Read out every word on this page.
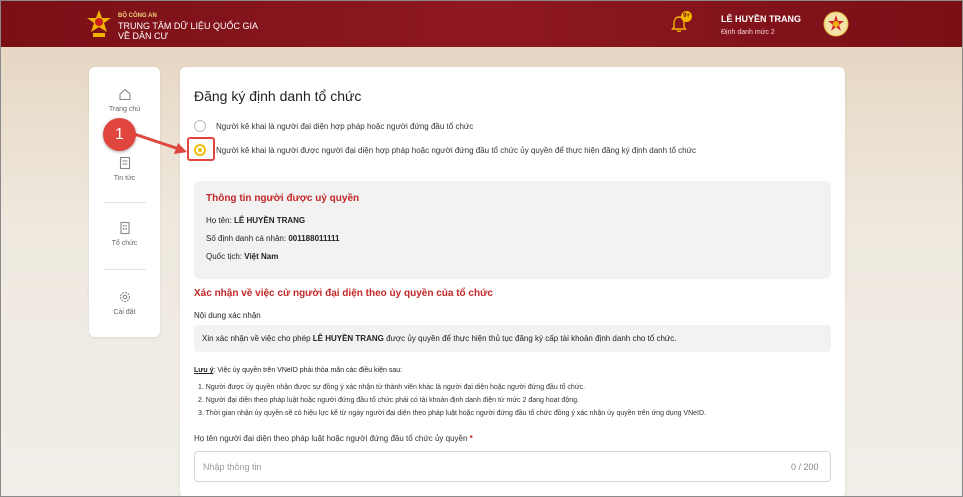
BỘ CÔNG AN
TRUNG TÂM DỮ LIỆU QUỐC GIA
VỀ DÂN CƯ
9+	LÊ HUYỀN TRANG
Định danh mức 2
Trang chủ
Tin tức
Tổ chức
Cài đặt
Đăng ký định danh tổ chức
Người kê khai là người đại diện hợp pháp hoặc người đứng đầu tổ chức
Người kê khai là người được người đại diện hợp pháp hoặc người đứng đầu tổ chức ủy quyền để thực hiện đăng ký định danh tổ chức
Thông tin người được uỷ quyền
Họ tên: LÊ HUYỀN TRANG
Số định danh cá nhân: 001188011111
Quốc tịch: Việt Nam
Xác nhận về việc cử người đại diện theo ủy quyền của tổ chức
Nội dung xác nhận
Xin xác nhận về việc cho phép LÊ HUYỀN TRANG được ủy quyền để thực hiện thủ tục đăng ký cấp tài khoản định danh cho tổ chức.
Lưu ý: Việc ủy quyền trên VNeID phải thỏa mãn các điều kiện sau:
1. Người được ủy quyền nhận được sự đồng ý xác nhận từ thành viên khác là người đại diện hoặc người đứng đầu tổ chức.
2. Người đại diện theo pháp luật hoặc người đứng đầu tổ chức phải có tài khoản định danh điện tử mức 2 đang hoạt động.
3. Thời gian nhận ủy quyền sẽ có hiệu lực kể từ ngày người đại diện theo pháp luật hoặc người đứng đầu tổ chức đồng ý xác nhận ủy quyền trên ứng dụng VNeID.
Họ tên người đại diện theo pháp luật hoặc người đứng đầu tổ chức ủy quyền *
Nhập thông tin
0 / 200
1
